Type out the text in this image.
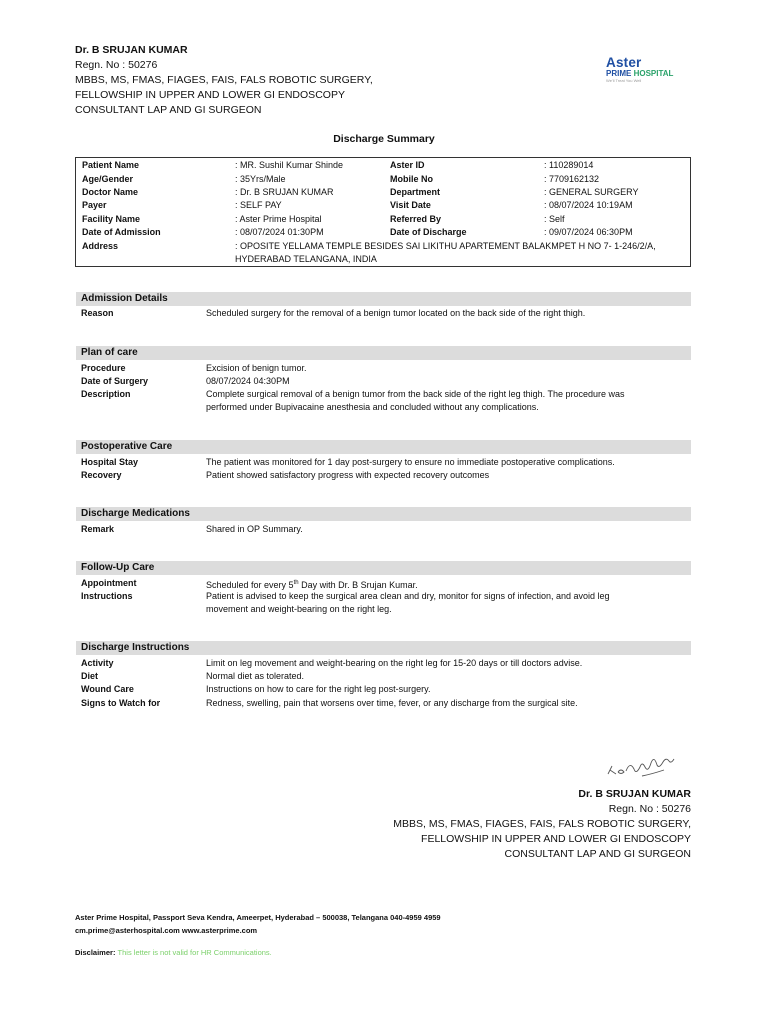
Dr. B SRUJAN KUMAR
Regn. No : 50276
MBBS, MS, FMAS, FIAGES, FAIS, FALS ROBOTIC SURGERY,
FELLOWSHIP IN UPPER AND LOWER GI ENDOSCOPY
CONSULTANT LAP AND GI SURGEON
Aster
PRIME HOSPITAL
We'll Treat You Well
Discharge Summary
Patient Name	: MR. Sushil Kumar Shinde	Aster ID	: 110289014
Age/Gender	: 35Yrs/Male	Mobile No	: 7709162132
Doctor Name	: Dr. B SRUJAN KUMAR	Department	: GENERAL SURGERY
Payer	: SELF PAY	Visit Date	: 08/07/2024 10:19AM
Facility Name	: Aster Prime Hospital	Referred By	: Self
Date of Admission	: 08/07/2024 01:30PM	Date of Discharge	: 09/07/2024 06:30PM
Address	: OPOSITE YELLAMA TEMPLE BESIDES SAI LIKITHU APARTEMENT BALAKMPET H NO 7- 1-246/2/A,
HYDERABAD TELANGANA, INDIA
Admission Details
Reason	Scheduled surgery for the removal of a benign tumor located on the back side of the right thigh.
Plan of care
Procedure	Excision of benign tumor.
Date of Surgery	08/07/2024 04:30PM
Description	Complete surgical removal of a benign tumor from the back side of the right leg thigh. The procedure was
performed under Bupivacaine anesthesia and concluded without any complications.
Postoperative Care
Hospital Stay	The patient was monitored for 1 day post-surgery to ensure no immediate postoperative complications.
Recovery	Patient showed satisfactory progress with expected recovery outcomes
Discharge Medications
Remark	Shared in OP Summary.
Follow-Up Care
Appointment	Scheduled for every 5th Day with Dr. B Srujan Kumar.
Instructions	Patient is advised to keep the surgical area clean and dry, monitor for signs of infection, and avoid leg
movement and weight-bearing on the right leg.
Discharge Instructions
Activity	Limit on leg movement and weight-bearing on the right leg for 15-20 days or till doctors advise.
Diet	Normal diet as tolerated.
Wound Care	Instructions on how to care for the right leg post-surgery.
Signs to Watch for	Redness, swelling, pain that worsens over time, fever, or any discharge from the surgical site.
Dr. B SRUJAN KUMAR
Regn. No : 50276
MBBS, MS, FMAS, FIAGES, FAIS, FALS ROBOTIC SURGERY,
FELLOWSHIP IN UPPER AND LOWER GI ENDOSCOPY
CONSULTANT LAP AND GI SURGEON
Aster Prime Hospital, Passport Seva Kendra, Ameerpet, Hyderabad – 500038, Telangana 040-4959 4959
cm.prime@asterhospital.com www.asterprime.com
Disclaimer: This letter is not valid for HR Communications.
